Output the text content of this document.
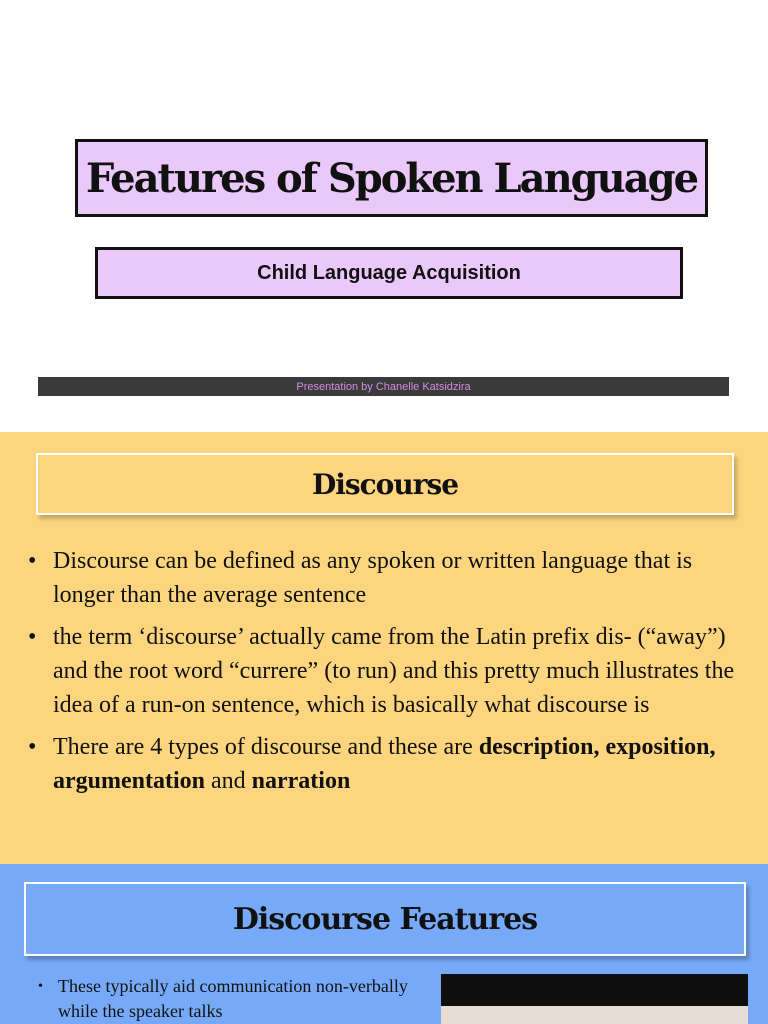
Features of Spoken Language
Child Language Acquisition
Presentation by Chanelle Katsidzira
Discourse
• Discourse can be defined as any spoken or written language that is longer than the average sentence
• the term ‘discourse’ actually came from the Latin prefix dis- (“away”) and the root word “currere” (to run) and this pretty much illustrates the idea of a run-on sentence, which is basically what discourse is
• There are 4 types of discourse and these are description, exposition, argumentation and narration
Discourse Features
• These typically aid communication non-verbally while the speaker talks
